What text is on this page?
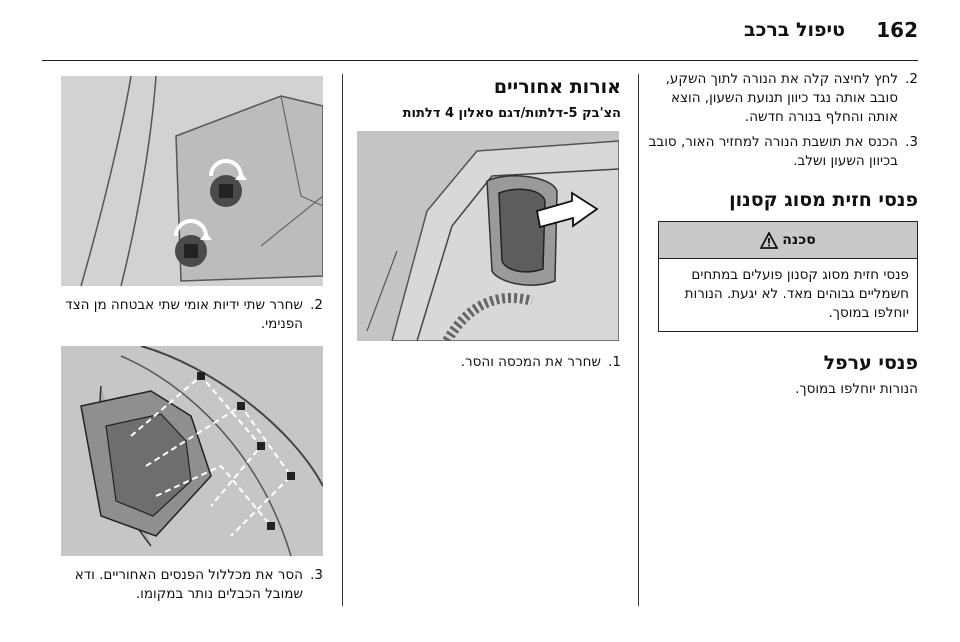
162
טיפול ברכב
2.
לחץ לחיצה קלה את הנורה לתוך השקע, סובב אותה נגד כיוון תנועת השעון, הוצא אותה והחלף בנורה חדשה.
3.
הכנס את תושבת הנורה למחזיר האור, סובב בכיוון השעון ושלב.
פנסי חזית מסוג קסנון
סכנה
פנסי חזית מסוג קסנון פועלים במתחים חשמליים גבוהים מאד. לא יגעת. הנורות יוחלפו במוסך.
פנסי ערפל
הנורות יוחלפו במוסך.
אורות אחוריים
הצ'בק 5-דלתות/דגם סאלון 4 דלתות
1.
שחרר את המכסה והסר.
2.
שחרר שתי ידיות אומי שתי אבטחה מן הצד הפנימי.
3.
הסר את מכללול הפנסים האחוריים. ודא שמובל הכבלים נותר במקומו.
